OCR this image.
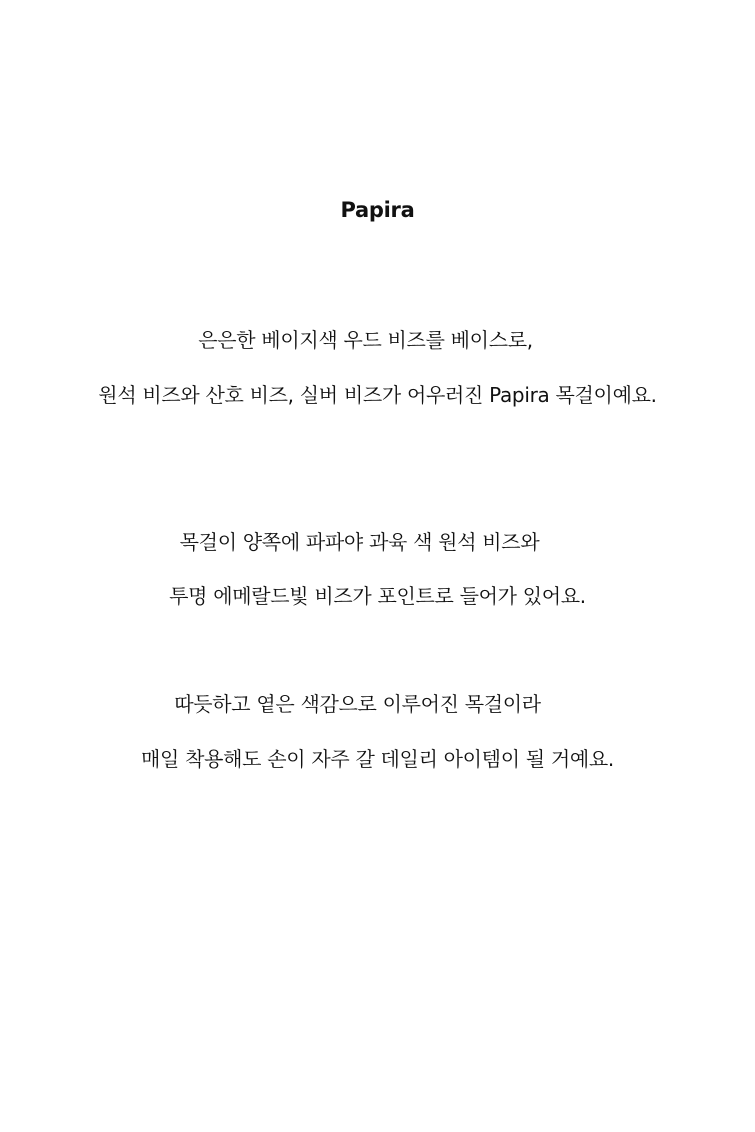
Papira
은은한 베이지색 우드 비즈를 베이스로,
원석 비즈와 산호 비즈, 실버 비즈가 어우러진 Papira 목걸이예요.
목걸이 양쪽에 파파야 과육 색 원석 비즈와
투명 에메랄드빛 비즈가 포인트로 들어가 있어요.
따듯하고 옅은 색감으로 이루어진 목걸이라
매일 착용해도 손이 자주 갈 데일리 아이템이 될 거예요.
